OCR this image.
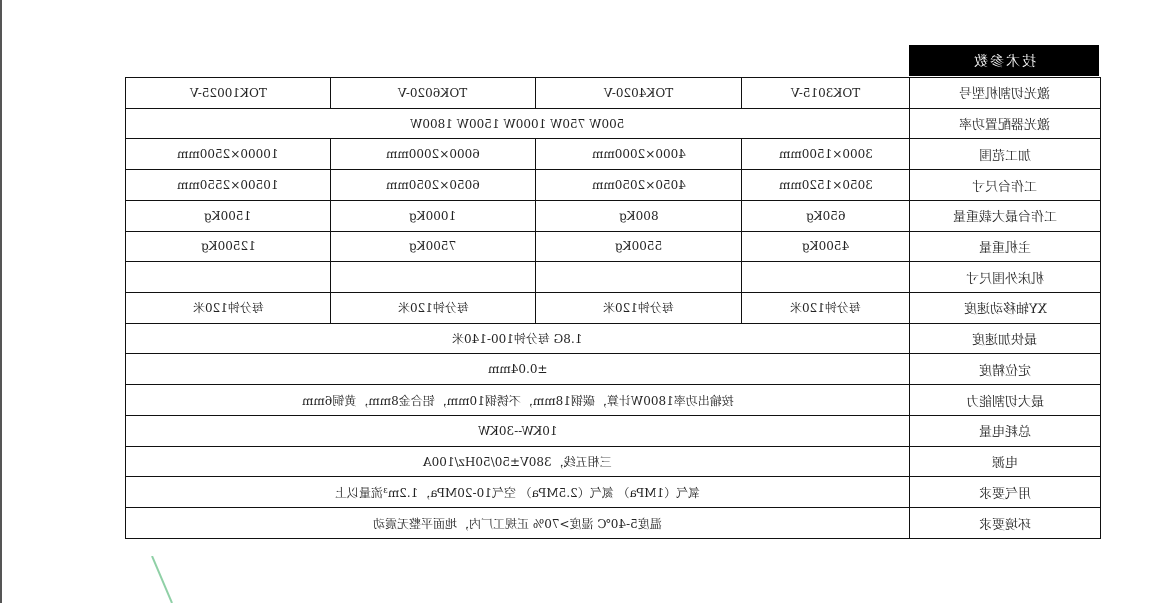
技术参数
TOK10025-V	TOK6020-V	TOK4020-V	TOK3015-V	激光切割机型号
500W 750W 1000W 1500W 1800W				激光器配置功率
10000×2500mm	6000×2000mm	4000×2000mm	3000×1500mm	加工范围
10500×2550mm	6050×2050mm	4050×2050mm	3050×1520mm	工作台尺寸
1500Kg	1000Kg	800Kg	650Kg	工作台最大载重量
12500Kg	7500Kg	5500Kg	4500Kg	主机重量
				机床外围尺寸
每分钟120米	每分钟120米	每分钟120米	每分钟120米	XY轴移动速度
1.8G 每分钟100-140米				最快加速度
±0.04mm				定位精度
按输出功率1800W计算，碳钢18mm，不锈钢10mm，铝合金8mm，黄铜6mm				最大切割能力
10KW--30KW				总耗电量
三相五线，380V±50/50Hz/100A				电源
氧气（1MPa） 氮气（2.5MPa） 空气10-20MPa，1.2m³流量以上				用气要求
温度5-40℃ 湿度>70% 正规工厂内，地面平整无震动				环境要求
